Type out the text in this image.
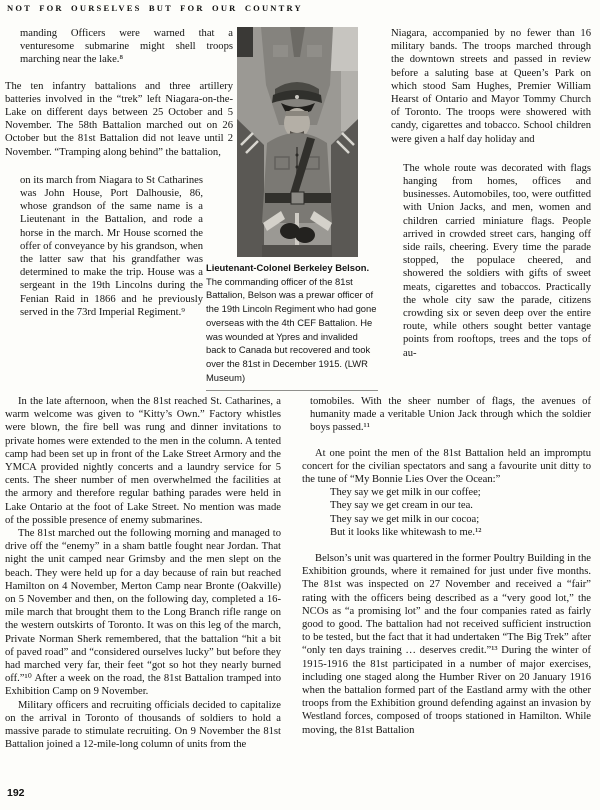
NOT FOR OURSELVES BUT FOR OUR COUNTRY
manding Officers were warned that a venturesome submarine might shell troops marching near the lake.⁸

The ten infantry battalions and three artillery batteries involved in the “trek” left Niagara-on-the-Lake on different days between 25 October and 5 November. The 58th Battalion marched out on 26 October but the 81st Battalion did not leave until 2 November. “Tramping along behind” the battalion,

on its march from Niagara to St Catharines was John House, Port Dalhousie, 86, whose grandson of the same name is a Lieutenant in the Battalion, and rode a horse in the march. Mr House scorned the offer of conveyance by his grandson, when the latter saw that his grandfather was determined to make the trip. House was a sergeant in the 19th Lincolns during the Fenian Raid in 1866 and he previously served in the 73rd Imperial Regiment.⁹
Lieutenant-Colonel Berkeley Belson. The commanding officer of the 81st Battalion, Belson was a prewar officer of the 19th Lincoln Regiment who had gone overseas with the 4th CEF Battalion. He was wounded at Ypres and invalided back to Canada but recovered and took over the 81st in December 1915. (LWR Museum)

Niagara, accompanied by no fewer than 16 military bands. The troops marched through the downtown streets and passed in review before a saluting base at Queen’s Park on which stood Sam Hughes, Premier William Hearst of Ontario and Mayor Tommy Church of Toronto. The troops were showered with candy, cigarettes and tobacco. School children were given a half day holiday and

The whole route was decorated with flags hanging from homes, offices and businesses. Automobiles, too, were outfitted with Union Jacks, and men, women and children carried miniature flags. People arrived in crowded street cars, hanging off side rails, cheering. Every time the parade stopped, the populace cheered, and showered the soldiers with gifts of sweet meats, cigarettes and tobaccos. Practically the whole city saw the parade, citizens crowding six or seven deep over the entire route, while others sought better vantage points from rooftops, trees and the tops of au-

In the late afternoon, when the 81st reached St. Catharines, a warm welcome was given to “Kitty’s Own.” Factory whistles were blown, the fire bell was rung and dinner invitations to private homes were extended to the men in the column. A tented camp had been set up in front of the Lake Street Armory and the YMCA provided nightly concerts and a laundry service for 5 cents. The sheer number of men overwhelmed the facilities at the armory and therefore regular bathing parades were held in Lake Ontario at the foot of Lake Street. No mention was made of the possible presence of enemy submarines.

The 81st marched out the following morning and managed to drive off the “enemy” in a sham battle fought near Jordan. That night the unit camped near Grimsby and the men slept on the beach. They were held up for a day because of rain but reached Hamilton on 4 November, Merton Camp near Bronte (Oakville) on 5 November and then, on the following day, completed a 16-mile march that brought them to the Long Branch rifle range on the western outskirts of Toronto. It was on this leg of the march, Private Norman Sherk remembered, that the battalion “hit a bit of paved road” and “considered ourselves lucky” but before they had marched very far, their feet “got so hot they nearly burned off.”¹⁰ After a week on the road, the 81st Battalion tramped into Exhibition Camp on 9 November.

Military officers and recruiting officials decided to capitalize on the arrival in Toronto of thousands of soldiers to hold a massive parade to stimulate recruiting. On 9 November the 81st Battalion joined a 12-mile-long column of units from the

tomobiles. With the sheer number of flags, the avenues of humanity made a veritable Union Jack through which the soldier boys passed.¹¹

At one point the men of the 81st Battalion held an impromptu concert for the civilian spectators and sang a favourite unit ditty to the tune of “My Bonnie Lies Over the Ocean:”

They say we get milk in our coffee;
They say we get cream in our tea.
They say we get milk in our cocoa;
But it looks like whitewash to me.¹²

Belson’s unit was quartered in the former Poultry Building in the Exhibition grounds, where it remained for just under five months. The 81st was inspected on 27 November and received a “fair” rating with the officers being described as a “very good lot,” the NCOs as “a promising lot” and the four companies rated as fairly good to good. The battalion had not received sufficient instruction to be tested, but the fact that it had undertaken “The Big Trek” after “only ten days training … deserves credit.”¹³ During the winter of 1915-1916 the 81st participated in a number of major exercises, including one staged along the Humber River on 20 January 1916 when the battalion formed part of the Eastland army with the other troops from the Exhibition ground defending against an invasion by Westland forces, composed of troops stationed in Hamilton. While moving, the 81st Battalion

192
